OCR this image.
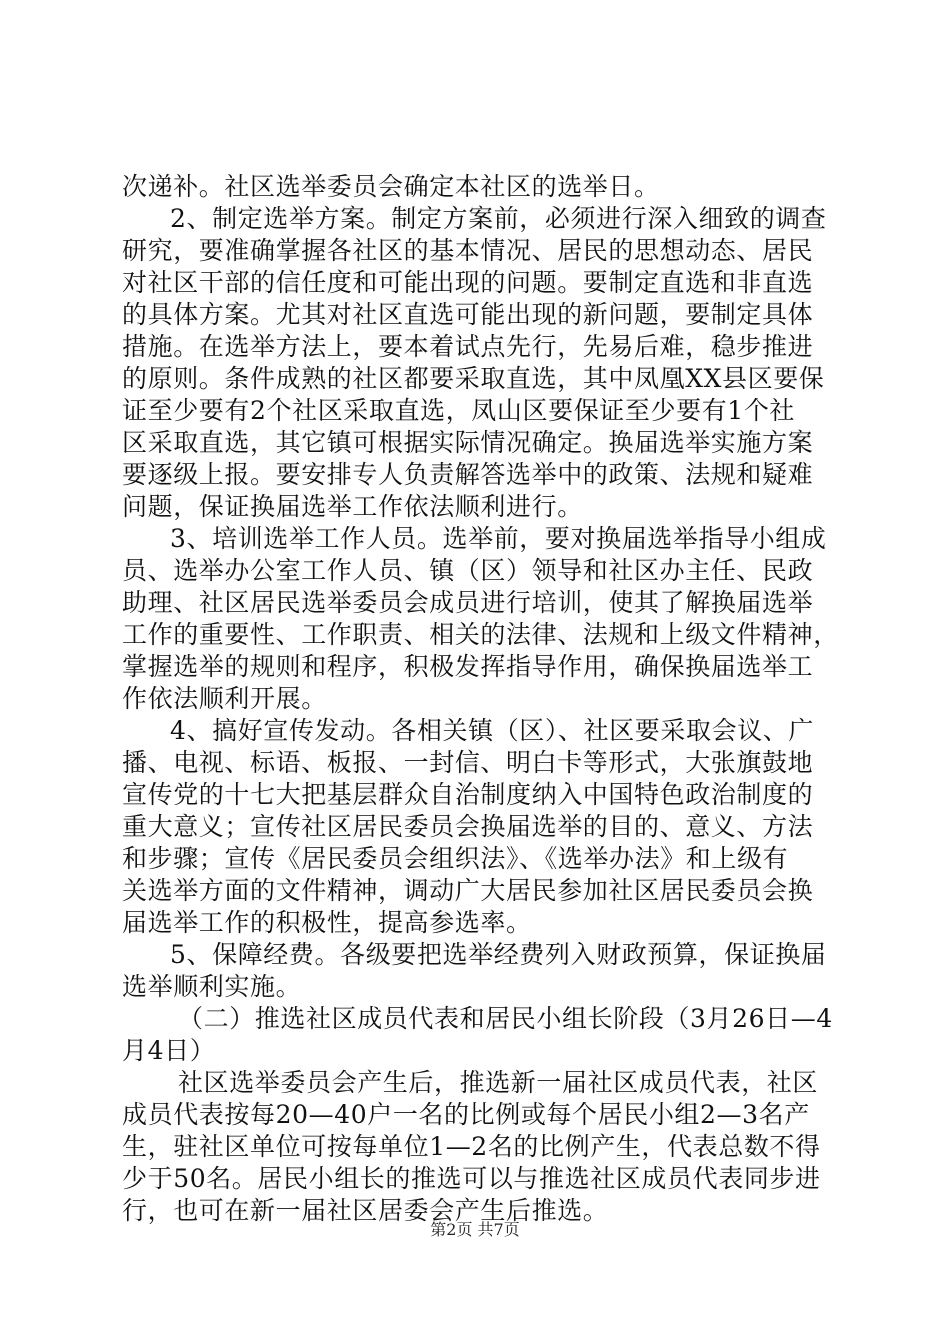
次递补。社区选举委员会确定本社区的选举日。
2、制定选举方案。制定方案前，必须进行深入细致的调查
研究，要准确掌握各社区的基本情况、居民的思想动态、居民
对社区干部的信任度和可能出现的问题。要制定直选和非直选
的具体方案。尤其对社区直选可能出现的新问题，要制定具体
措施。在选举方法上，要本着试点先行，先易后难，稳步推进
的原则。条件成熟的社区都要采取直选，其中凤凰XX县区要保
证至少要有2个社区采取直选，凤山区要保证至少要有1个社
区采取直选，其它镇可根据实际情况确定。换届选举实施方案
要逐级上报。要安排专人负责解答选举中的政策、法规和疑难
问题，保证换届选举工作依法顺利进行。
3、培训选举工作人员。选举前，要对换届选举指导小组成
员、选举办公室工作人员、镇（区）领导和社区办主任、民政
助理、社区居民选举委员会成员进行培训，使其了解换届选举
工作的重要性、工作职责、相关的法律、法规和上级文件精神，
掌握选举的规则和程序，积极发挥指导作用，确保换届选举工
作依法顺利开展。
4、搞好宣传发动。各相关镇（区）、社区要采取会议、广
播、电视、标语、板报、一封信、明白卡等形式，大张旗鼓地
宣传党的十七大把基层群众自治制度纳入中国特色政治制度的
重大意义；宣传社区居民委员会换届选举的目的、意义、方法
和步骤；宣传《居民委员会组织法》、《选举办法》和上级有
关选举方面的文件精神，调动广大居民参加社区居民委员会换
届选举工作的积极性，提高参选率。
5、保障经费。各级要把选举经费列入财政预算，保证换届
选举顺利实施。
（二）推选社区成员代表和居民小组长阶段（3月26日—4
月4日）
社区选举委员会产生后，推选新一届社区成员代表，社区
成员代表按每20—40户一名的比例或每个居民小组2—3名产
生，驻社区单位可按每单位1—2名的比例产生，代表总数不得
少于50名。居民小组长的推选可以与推选社区成员代表同步进
行，也可在新一届社区居委会产生后推选。
第2页 共7页
